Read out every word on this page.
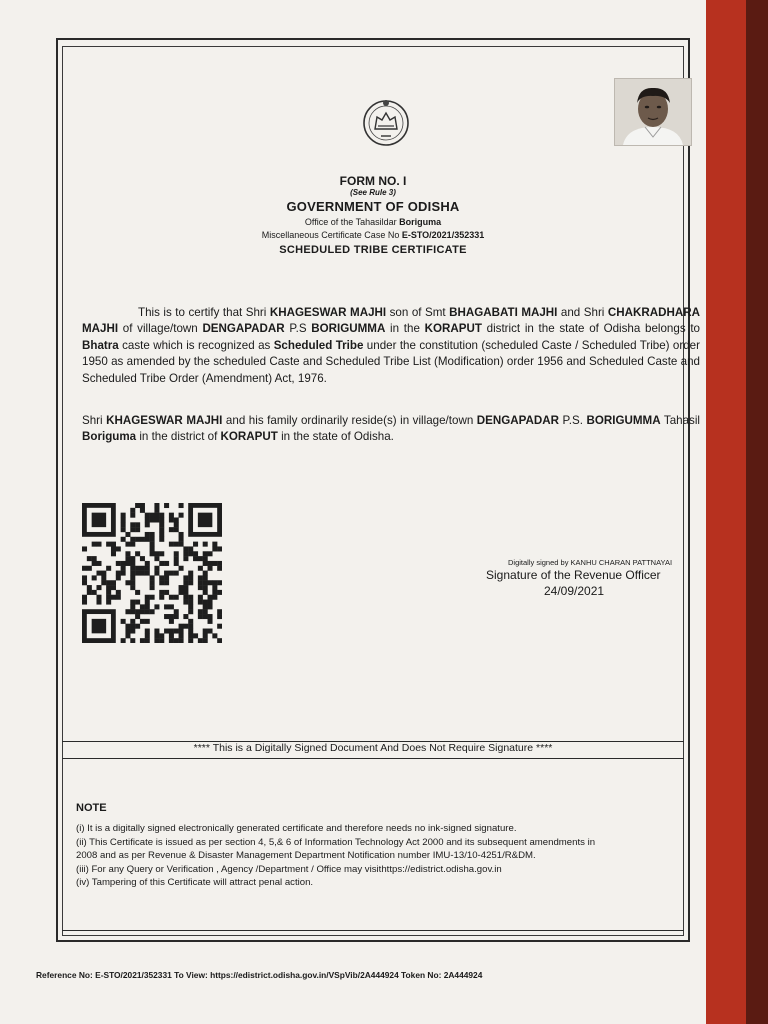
FORM NO. I
(See Rule 3)
GOVERNMENT OF ODISHA
Office of the Tahasildar Boriguma
Miscellaneous Certificate Case No E-STO/2021/352331
SCHEDULED TRIBE CERTIFICATE

This is to certify that Shri KHAGESWAR MAJHI son of Smt BHAGABATI MAJHI and Shri CHAKRADHARA MAJHI of village/town DENGAPADAR P.S BORIGUMMA in the KORAPUT district in the state of Odisha belongs to Bhatra caste which is recognized as Scheduled Tribe under the constitution (scheduled Caste / Scheduled Tribe) order 1950 as amended by the scheduled Caste and Scheduled Tribe List (Modification) order 1956 and Scheduled Caste and Scheduled Tribe Order (Amendment) Act, 1976.

Shri KHAGESWAR MAJHI and his family ordinarily reside(s) in village/town DENGAPADAR P.S. BORIGUMMA Tahasil Boriguma in the district of KORAPUT in the state of Odisha.

Digitally signed by KANHU CHARAN PATTNAYAI
Signature of the Revenue Officer
24/09/2021
**** This is a Digitally Signed Document And Does Not Require Signature ****
NOTE
(i) It is a digitally signed electronically generated certificate and therefore needs no ink-signed signature.
(ii) This Certificate is issued as per section 4, 5,& 6 of Information Technology Act 2000 and its subsequent amendments in
2008 and as per Revenue & Disaster Management Department Notification number IMU-13/10-4251/R&DM.
(iii) For any Query or Verification , Agency /Department / Office may visithttps://edistrict.odisha.gov.in
(iv) Tampering of this Certificate will attract penal action.
Reference No: E-STO/2021/352331 To View: https://edistrict.odisha.gov.in/VSpVib/2A444924 Token No: 2A444924
